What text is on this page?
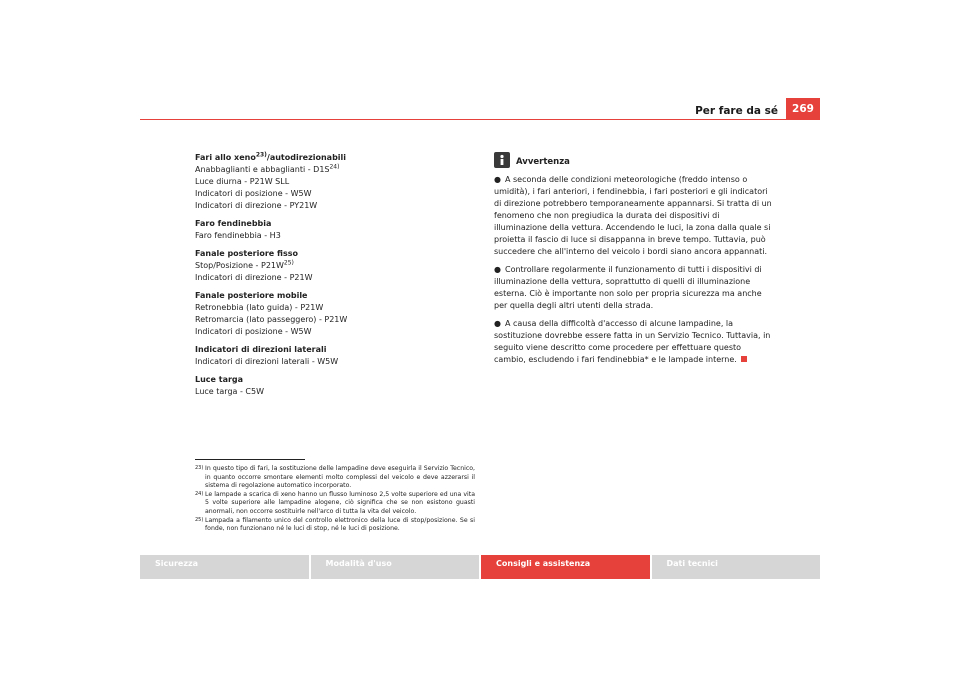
Per fare da sé	269
Fari allo xeno$^{23)}$/autodirezionabili
Anabbaglianti e abbaglianti - $D1S^{24)}$
Luce diurna - P21W SLL
Indicatori di posizione - W5W
Indicatori di direzione - PY21W
Faro fendinebbia
Faro fendinebbia - H3
Fanale posteriore fisso
Stop/Posizione - $P21W^{25)}$
Indicatori di direzione - P21W
Fanale posteriore mobile
Retronebbia (lato guida) - P21W
Retromarcia (lato passeggero) - P21W
Indicatori di posizione - W5W
Indicatori di direzioni laterali
Indicatori di direzioni laterali - W5W
Luce targa
Luce targa - C5W
Avvertenza
● A seconda delle condizioni meteorologiche (freddo intenso o umidità), i fari anteriori, i fendinebbia, i fari posteriori e gli indicatori di direzione potrebbero temporaneamente appannarsi. Si tratta di un fenomeno che non pregiudica la durata dei dispositivi di illuminazione della vettura. Accendendo le luci, la zona dalla quale si proietta il fascio di luce si disappanna in breve tempo. Tuttavia, può succedere che all'interno del veicolo i bordi siano ancora appannati.
● Controllare regolarmente il funzionamento di tutti i dispositivi di illuminazione della vettura, soprattutto di quelli di illuminazione esterna. Ciò è importante non solo per propria sicurezza ma anche per quella degli altri utenti della strada.
● A causa della difficoltà d'accesso di alcune lampadine, la sostituzione dovrebbe essere fatta in un Servizio Tecnico. Tuttavia, in seguito viene descritto come procedere per effettuare questo cambio, escludendo i fari fendinebbia* e le lampade interne.
23) In questo tipo di fari, la sostituzione delle lampadine deve eseguirla il Servizio Tecnico, in quanto occorre smontare elementi molto complessi del veicolo e deve azzerarsi il sistema di regolazione automatico incorporato.
24) Le lampade a scarica di xeno hanno un flusso luminoso 2,5 volte superiore ed una vita 5 volte superiore alle lampadine alogene, ciò significa che se non esistono guasti anormali, non occorre sostituirle nell'arco di tutta la vita del veicolo.
25) Lampada a filamento unico del controllo elettronico della luce di stop/posizione. Se si fonde, non funzionano né le luci di stop, né le luci di posizione.
Sicurezza	Modalità d'uso	Consigli e assistenza	Dati tecnici
